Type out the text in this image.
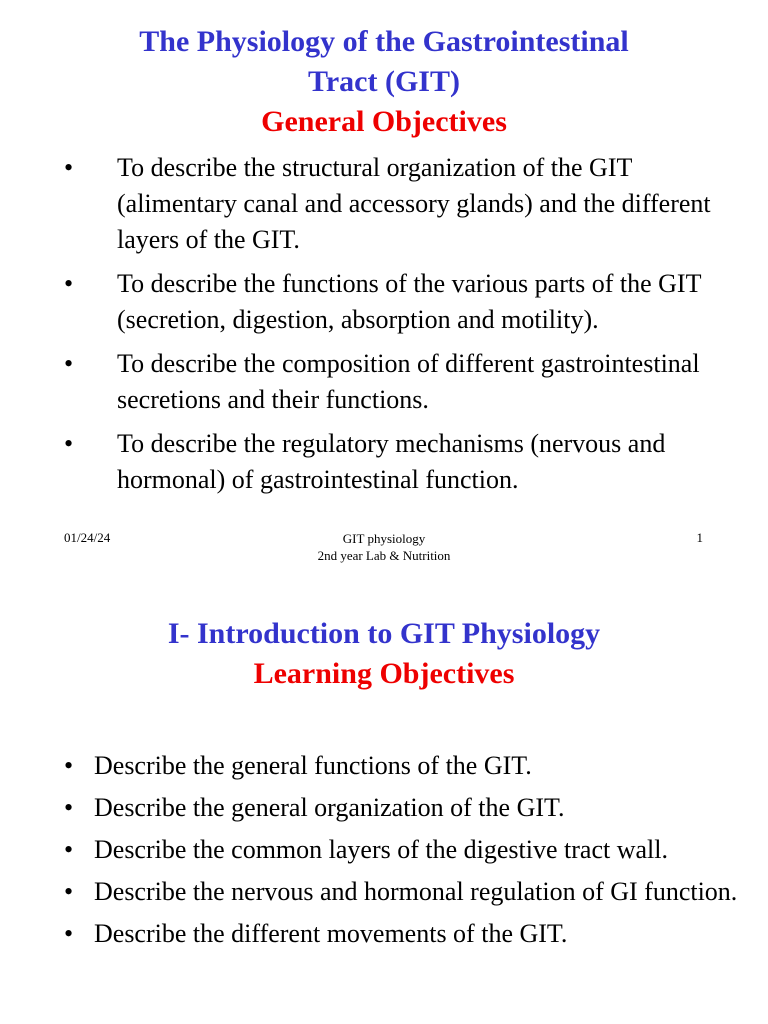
The Physiology of the Gastrointestinal
Tract (GIT)
General Objectives
• To describe the structural organization of the GIT (alimentary canal and accessory glands) and the different layers of the GIT.
• To describe the functions of the various parts of the GIT (secretion, digestion, absorption and motility).
• To describe the composition of different gastrointestinal secretions and their functions.
• To describe the regulatory mechanisms (nervous and hormonal) of gastrointestinal function.
01/24/24	GIT physiology
2nd year Lab & Nutrition
1
I- Introduction to GIT Physiology
Learning Objectives
• Describe the general functions of the GIT.
• Describe the general organization of the GIT.
• Describe the common layers of the digestive tract wall.
• Describe the nervous and hormonal regulation of GI function.
• Describe the different movements of the GIT.
